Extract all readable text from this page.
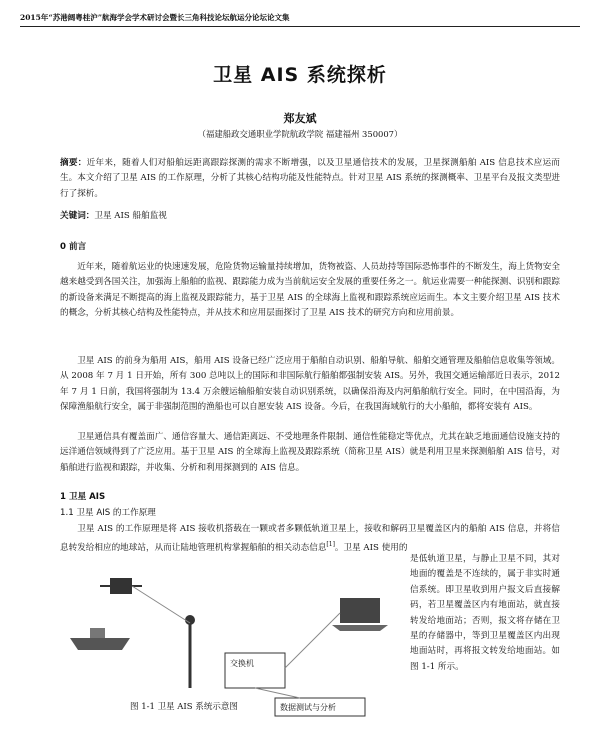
2015年“苏港阔粤桂沪”航海学会学术研讨会暨长三角科技论坛航运分论坛论文集
卫星 AIS 系统探析
郑友斌
（福建船政交通职业学院航政学院 福建福州 350007）
摘要：近年来，随着人们对船舶远距离跟踪探测的需求不断增强，以及卫星通信技术的发展，卫星探测船舶 AIS 信息技术应运而生。本文介绍了卫星 AIS 的工作原理，分析了其核心结构功能及性能特点。针对卫星 AIS 系统的探测概率、卫星平台及报文类型进行了探析。
关键词：卫星 AIS 船舶监视
0 前言

近年来，随着航运业的快速速发展，危险货物运输量持续增加，货物被盗、人员劫持等国际恐怖事件的不断发生，海上货物安全越来越受到各国关注，加强海上船舶的监视、跟踪能力成为当前航运安全发展的重要任务之一。航运业需要一种能探测、识别和跟踪的新设备来满足不断提高的海上监视及跟踪能力，基于卫星 AIS 的全球海上监视和跟踪系统应运而生。本文主要介绍卫星 AIS 技术的概念，分析其核心结构及性能特点，并从技术和应用层面探讨了卫星 AIS 技术的研究方向和应用前景。

卫星 AIS 的前身为船用 AIS，船用 AIS 设备已经广泛应用于船舶自动识别、船舶导航、船舶交通管理及船舶信息收集等领域。从 2008 年 7 月 1 日开始，所有 300 总吨以上的国际和非国际航行船舶都强制安装 AIS。另外，我国交通运输部近日表示，2012 年 7 月 1 日前，我国将强制为 13.4 万余艘运输船舶安装自动识别系统，以确保沿海及内河船舶航行安全。同时，在中国沿海，为保障渔船航行安全，属于非强制范围的渔船也可以自愿安装 AIS 设备。今后，在我国海域航行的大小船舶，都将安装有 AIS。

卫星通信具有覆盖面广、通信容量大、通信距离远、不受地理条件限制、通信性能稳定等优点，尤其在缺乏地面通信设施支持的远洋通信领域得到了广泛应用。基于卫星 AIS 的全球海上监视及跟踪系统（简称卫星 AIS）就是利用卫星来探测船舶 AIS 信号，对船舶进行监视和跟踪，并收集、分析和利用探测到的 AIS 信息。

1 卫星 AIS
1.1 卫星 AIS 的工作原理

卫星 AIS 的工作原理是将 AIS 接收机搭载在一颗或者多颗低轨道卫星上，接收和解码卫星覆盖区内的船舶 AIS 信息，并将信息转发给相应的地球站，从而让陆地管理机构掌握船舶的相关动态信息[1]。卫星 AIS 使用的

是低轨道卫星，与静止卫星不同，其对地面的覆盖是不连续的，属于非实时通信系统。即卫星收到用户报文后直接解码，若卫星覆盖区内有地面站，就直接转发给地面站；否则，报文将存储在卫星的存储器中，等到卫星覆盖区内出现地面站时，再将报文转发给地面站。如图 1-1 所示。
交换机
数据测试与分析
图 1-1 卫星 AIS 系统示意图
